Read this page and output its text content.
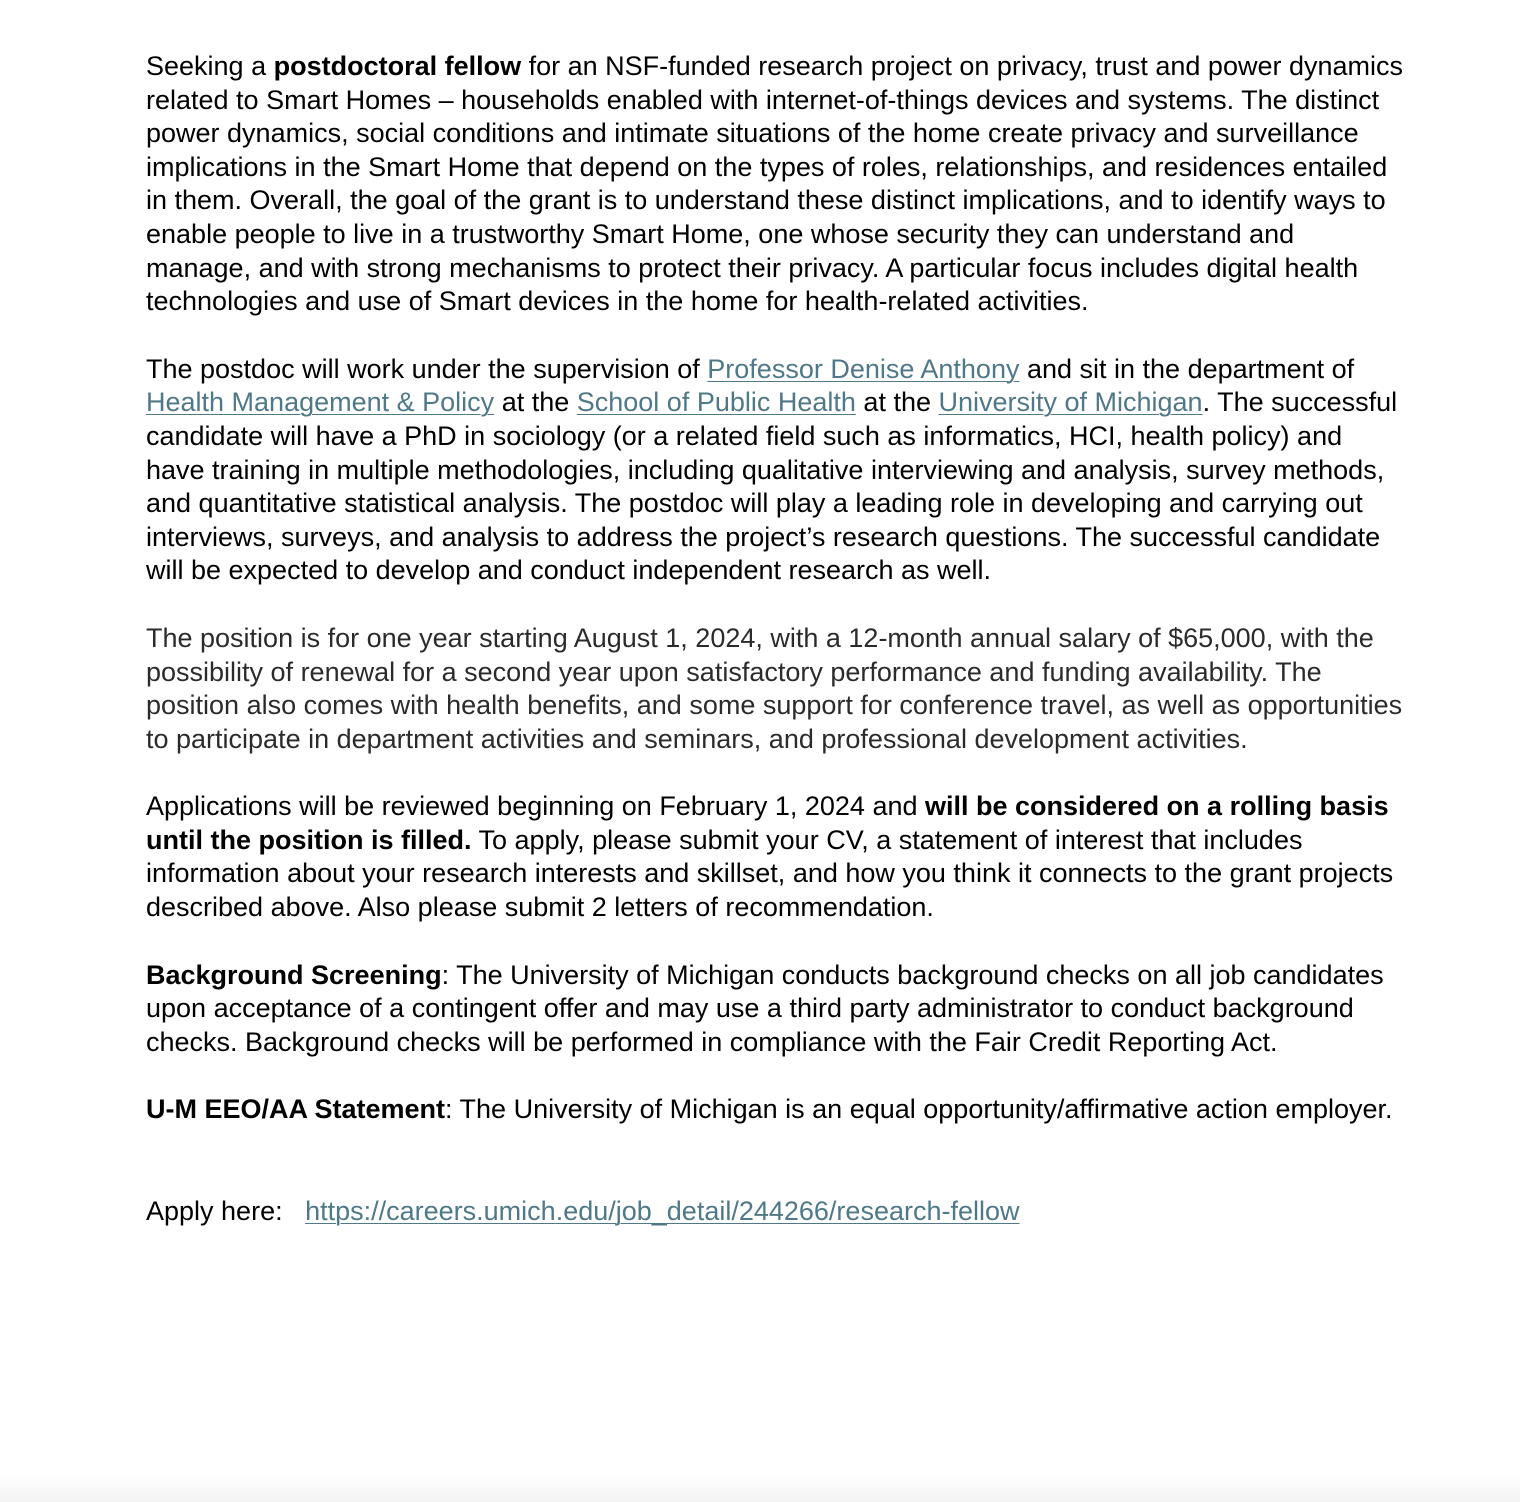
Seeking a postdoctoral fellow for an NSF-funded research project on privacy, trust and power dynamics related to Smart Homes – households enabled with internet-of-things devices and systems. The distinct power dynamics, social conditions and intimate situations of the home create privacy and surveillance implications in the Smart Home that depend on the types of roles, relationships, and residences entailed in them. Overall, the goal of the grant is to understand these distinct implications, and to identify ways to enable people to live in a trustworthy Smart Home, one whose security they can understand and manage, and with strong mechanisms to protect their privacy. A particular focus includes digital health technologies and use of Smart devices in the home for health-related activities.

The postdoc will work under the supervision of Professor Denise Anthony and sit in the department of Health Management & Policy at the School of Public Health at the University of Michigan. The successful candidate will have a PhD in sociology (or a related field such as informatics, HCI, health policy) and have training in multiple methodologies, including qualitative interviewing and analysis, survey methods, and quantitative statistical analysis. The postdoc will play a leading role in developing and carrying out interviews, surveys, and analysis to address the project’s research questions. The successful candidate will be expected to develop and conduct independent research as well.

The position is for one year starting August 1, 2024, with a 12-month annual salary of $65,000, with the possibility of renewal for a second year upon satisfactory performance and funding availability. The position also comes with health benefits, and some support for conference travel, as well as opportunities to participate in department activities and seminars, and professional development activities.

Applications will be reviewed beginning on February 1, 2024 and will be considered on a rolling basis until the position is filled. To apply, please submit your CV, a statement of interest that includes information about your research interests and skillset, and how you think it connects to the grant projects described above. Also please submit 2 letters of recommendation.

Background Screening: The University of Michigan conducts background checks on all job candidates upon acceptance of a contingent offer and may use a third party administrator to conduct background checks. Background checks will be performed in compliance with the Fair Credit Reporting Act.

U-M EEO/AA Statement: The University of Michigan is an equal opportunity/affirmative action employer.

Apply here:   https://careers.umich.edu/job_detail/244266/research-fellow
